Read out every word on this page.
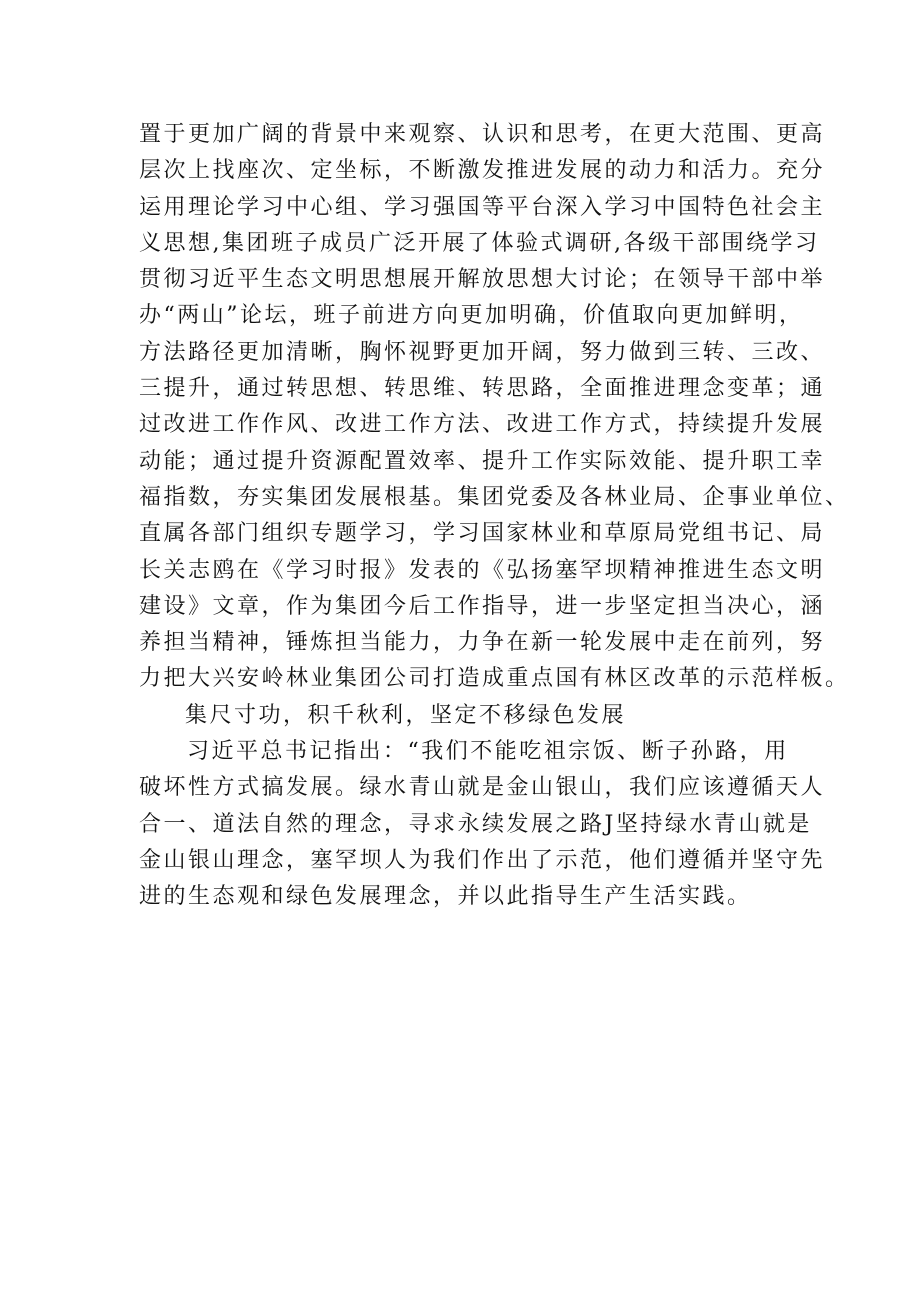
置于更加广阔的背景中来观察、认识和思考，在更大范围、更高
层次上找座次、定坐标，不断激发推进发展的动力和活力。充分
运用理论学习中心组、学习强国等平台深入学习中国特色社会主
义思想,集团班子成员广泛开展了体验式调研,各级干部围绕学习
贯彻习近平生态文明思想展开解放思想大讨论；在领导干部中举
办“两山”论坛，班子前进方向更加明确，价值取向更加鲜明，
方法路径更加清晰，胸怀视野更加开阔，努力做到三转、三改、
三提升，通过转思想、转思维、转思路，全面推进理念变革；通
过改进工作作风、改进工作方法、改进工作方式，持续提升发展
动能；通过提升资源配置效率、提升工作实际效能、提升职工幸
福指数，夯实集团发展根基。集团党委及各林业局、企事业单位、
直属各部门组织专题学习，学习国家林业和草原局党组书记、局
长关志鸥在《学习时报》发表的《弘扬塞罕坝精神推进生态文明
建设》文章，作为集团今后工作指导，进一步坚定担当决心，涵
养担当精神，锤炼担当能力，力争在新一轮发展中走在前列，努
力把大兴安岭林业集团公司打造成重点国有林区改革的示范样板。
集尺寸功，积千秋利，坚定不移绿色发展
习近平总书记指出：“我们不能吃祖宗饭、断子孙路，用
破坏性方式搞发展。绿水青山就是金山银山，我们应该遵循天人
合一、道法自然的理念，寻求永续发展之路J坚持绿水青山就是
金山银山理念，塞罕坝人为我们作出了示范，他们遵循并坚守先
进的生态观和绿色发展理念，并以此指导生产生活实践。
